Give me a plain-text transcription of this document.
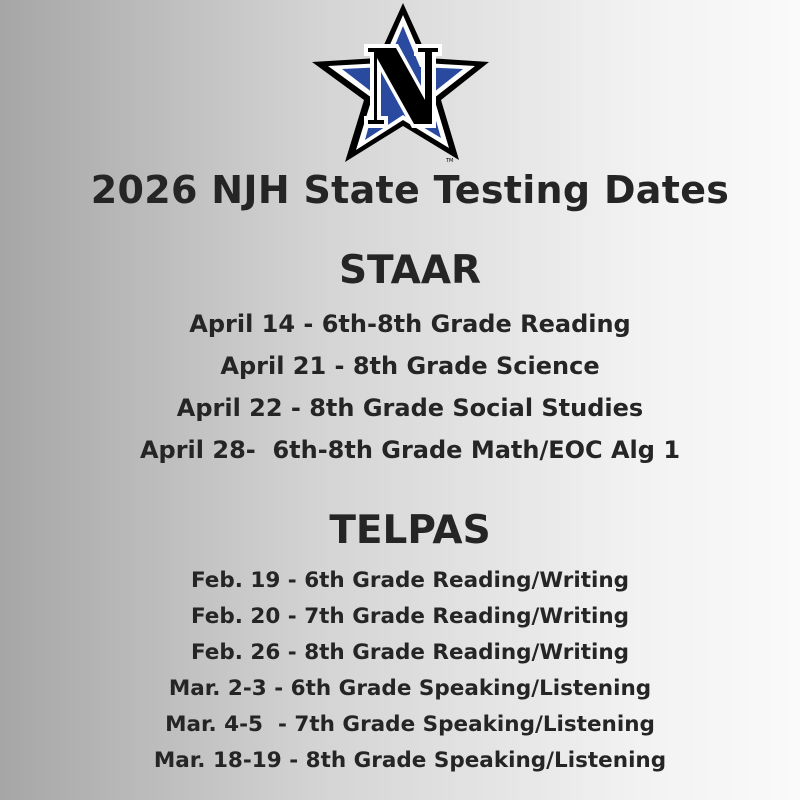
TM
2026 NJH State Testing Dates
STAAR
April 14 - 6th-8th Grade Reading
April 21 - 8th Grade Science
April 22 - 8th Grade Social Studies
April 28-  6th-8th Grade Math/EOC Alg 1
TELPAS
Feb. 19 - 6th Grade Reading/Writing
Feb. 20 - 7th Grade Reading/Writing
Feb. 26 - 8th Grade Reading/Writing
Mar. 2-3 - 6th Grade Speaking/Listening
Mar. 4-5  - 7th Grade Speaking/Listening
Mar. 18-19 - 8th Grade Speaking/Listening
